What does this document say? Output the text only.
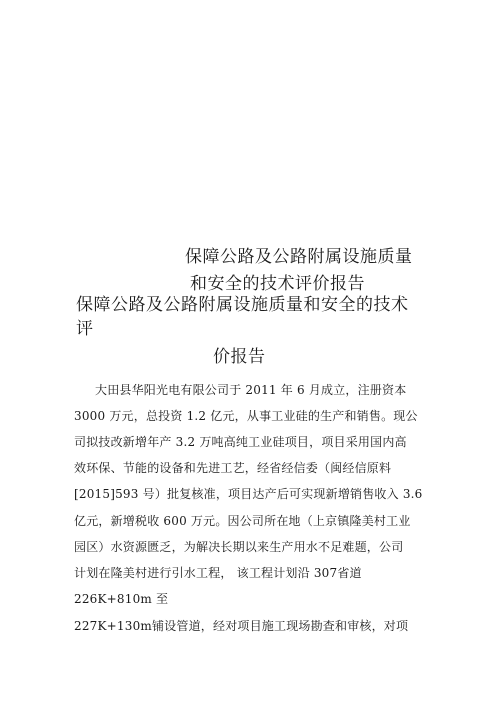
保障公路及公路附属设施质量

和安全的技术评价报告

保障公路及公路附属设施质量和安全的技术

评

价报告

大田县华阳光电有限公司于 2011 年 6 月成立，注册资本

3000 万元，总投资 1.2 亿元，从事工业硅的生产和销售。现公

司拟技改新增年产 3.2 万吨高纯工业硅项目，项目采用国内高

效环保、节能的设备和先进工艺，经省经信委（闽经信原料

[2015]593 号）批复核准，项目达产后可实现新增销售收入 3.6

亿元，新增税收 600 万元。因公司所在地（上京镇隆美村工业

园区）水资源匮乏，为解决长期以来生产用水不足难题，公司

计划在隆美村进行引水工程， 该工程计划沿 307省道

226K+810m 至

227K+130m铺设管道，经对项目施工现场勘查和审核，对项
